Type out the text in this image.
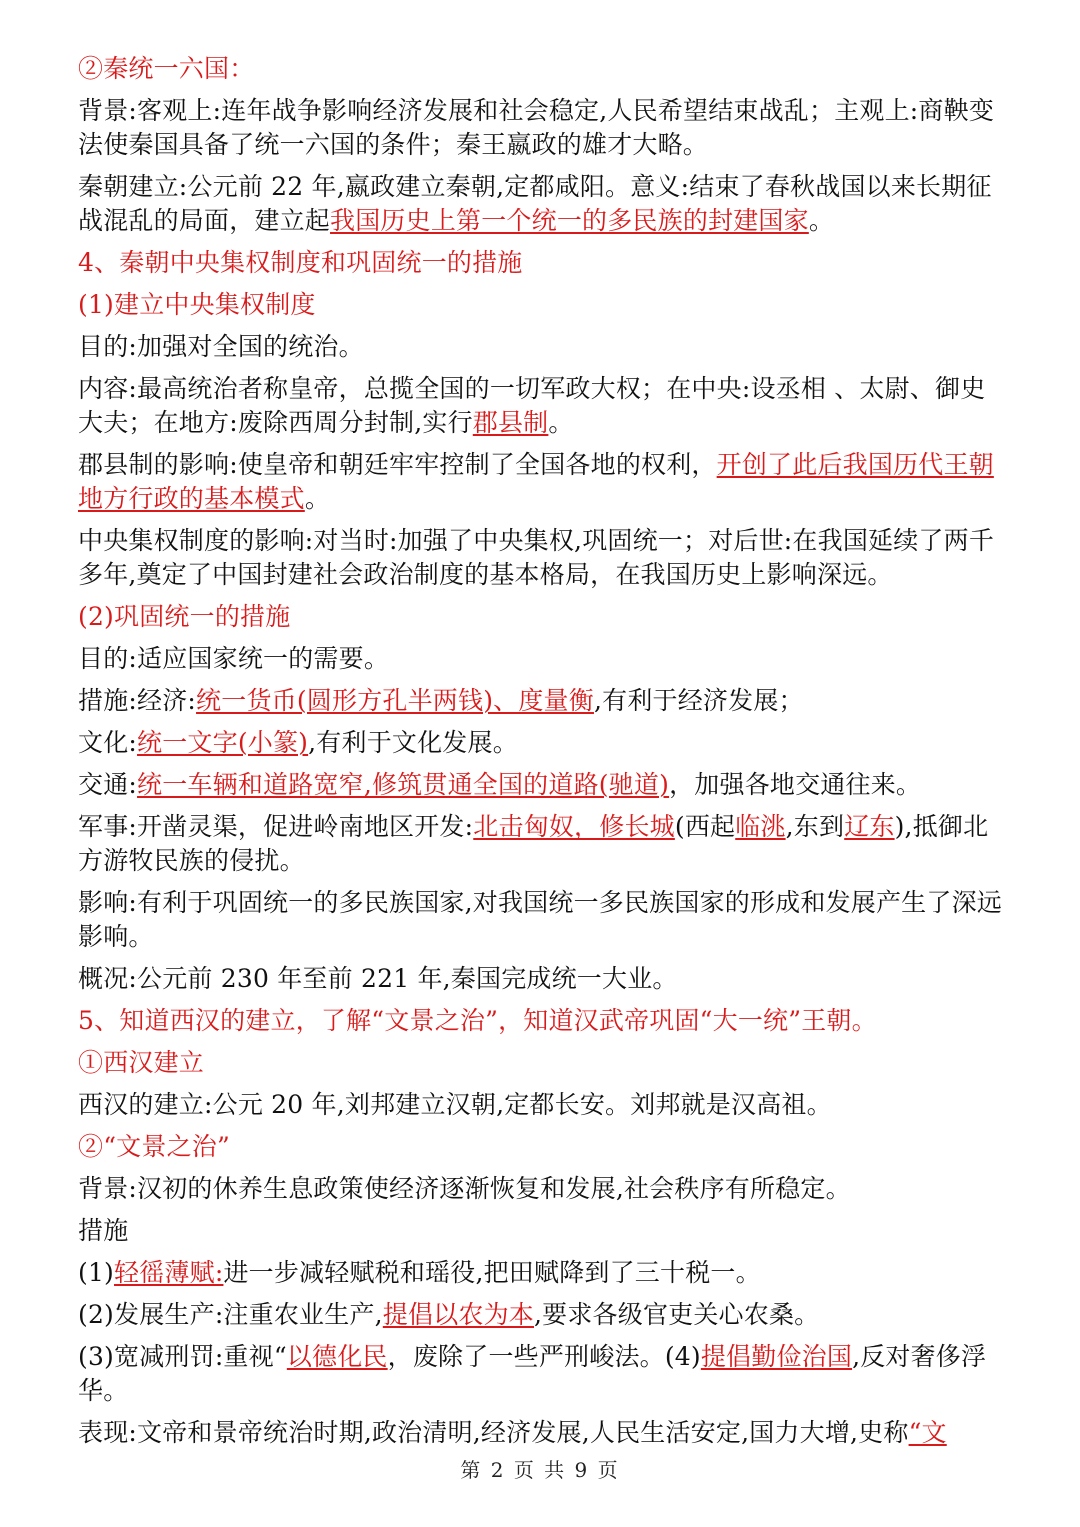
②秦统一六国：

背景:客观上:连年战争影响经济发展和社会稳定,人民希望结束战乱；主观上:商鞅变法使秦国具备了统一六国的条件；秦王嬴政的雄才大略。

秦朝建立:公元前 22 年,嬴政建立秦朝,定都咸阳。意义:结束了春秋战国以来长期征战混乱的局面，建立起我国历史上第一个统一的多民族的封建国家。

4、秦朝中央集权制度和巩固统一的措施

(1)建立中央集权制度

目的:加强对全国的统治。

内容:最高统治者称皇帝，总揽全国的一切军政大权；在中央:设丞相 、太尉、御史大夫；在地方:废除西周分封制,实行郡县制。

郡县制的影响:使皇帝和朝廷牢牢控制了全国各地的权利，开创了此后我国历代王朝地方行政的基本模式。

中央集权制度的影响:对当时:加强了中央集权,巩固统一；对后世:在我国延续了两千多年,奠定了中国封建社会政治制度的基本格局，在我国历史上影响深远。

(2)巩固统一的措施

目的:适应国家统一的需要。

措施:经济:统一货币(圆形方孔半两钱)、度量衡,有利于经济发展；

文化:统一文字(小篆),有利于文化发展。

交通:统一车辆和道路宽窄,修筑贯通全国的道路(驰道)，加强各地交通往来。

军事:开凿灵渠，促进岭南地区开发:北击匈奴，修长城(西起临洮,东到辽东),抵御北方游牧民族的侵扰。

影响:有利于巩固统一的多民族国家,对我国统一多民族国家的形成和发展产生了深远影响。

概况:公元前 230 年至前 221 年,秦国完成统一大业。

5、知道西汉的建立，了解“文景之治”，知道汉武帝巩固“大一统”王朝。

①西汉建立

西汉的建立:公元 20 年,刘邦建立汉朝,定都长安。刘邦就是汉高祖。

②“文景之治”

背景:汉初的休养生息政策使经济逐渐恢复和发展,社会秩序有所稳定。

措施

(1)轻徭薄赋:进一步减轻赋税和瑶役,把田赋降到了三十税一。

(2)发展生产:注重农业生产,提倡以农为本,要求各级官吏关心农桑。

(3)宽减刑罚:重视“以德化民，废除了一些严刑峻法。(4)提倡勤俭治国,反对奢侈浮华。

表现:文帝和景帝统治时期,政治清明,经济发展,人民生活安定,国力大增,史称“文

第 2 页 共 9 页
